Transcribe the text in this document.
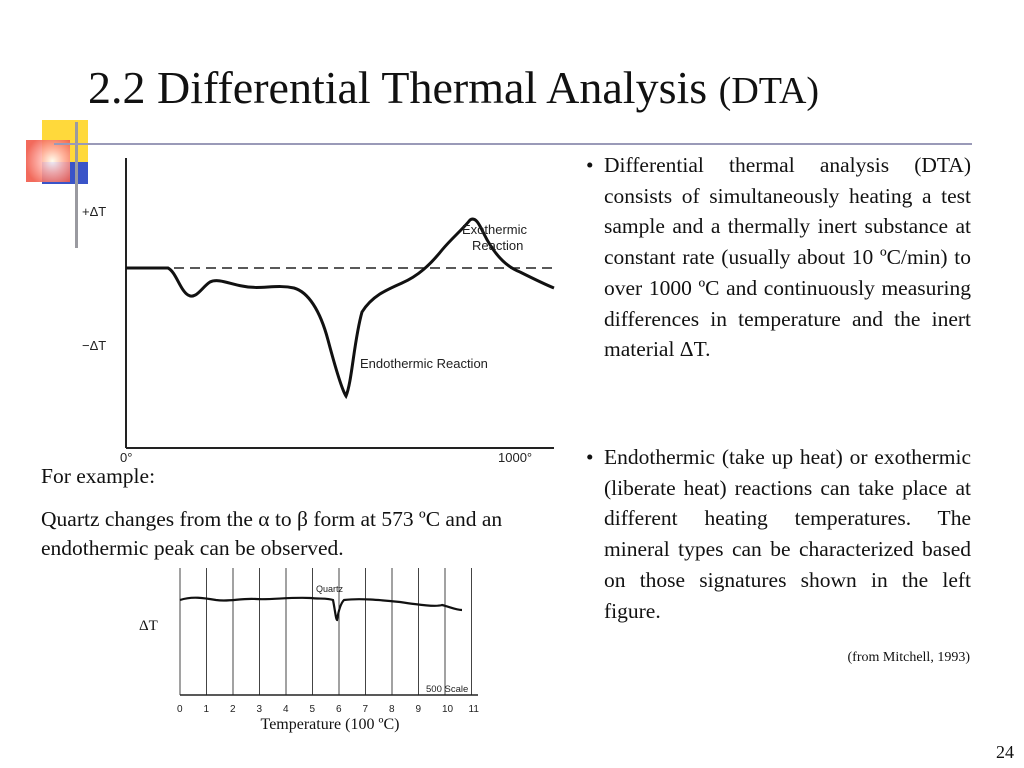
2.2 Differential Thermal Analysis (DTA)
+ΔT
−ΔT
0°	1000°
Exothermic
Reaction
Endothermic Reaction
• Differential thermal analysis (DTA) consists of simultaneously heating a test sample and a thermally inert substance at constant rate (usually about 10 ºC/min) to over 1000 ºC and continuously measuring differences in temperature and the inert material ΔT.
• Endothermic (take up heat) or exothermic (liberate heat) reactions can take place at different heating temperatures. The mineral types can be characterized based on those signatures shown in the left figure.
(from Mitchell, 1993)
For example:
Quartz changes from the α to β form at 573 ºC and an endothermic peak can be observed.
Quartz
500 Scale
ΔT
0 1 2 3 4 5 6 7 8 9 10 11
Temperature (100 ºC)
24
